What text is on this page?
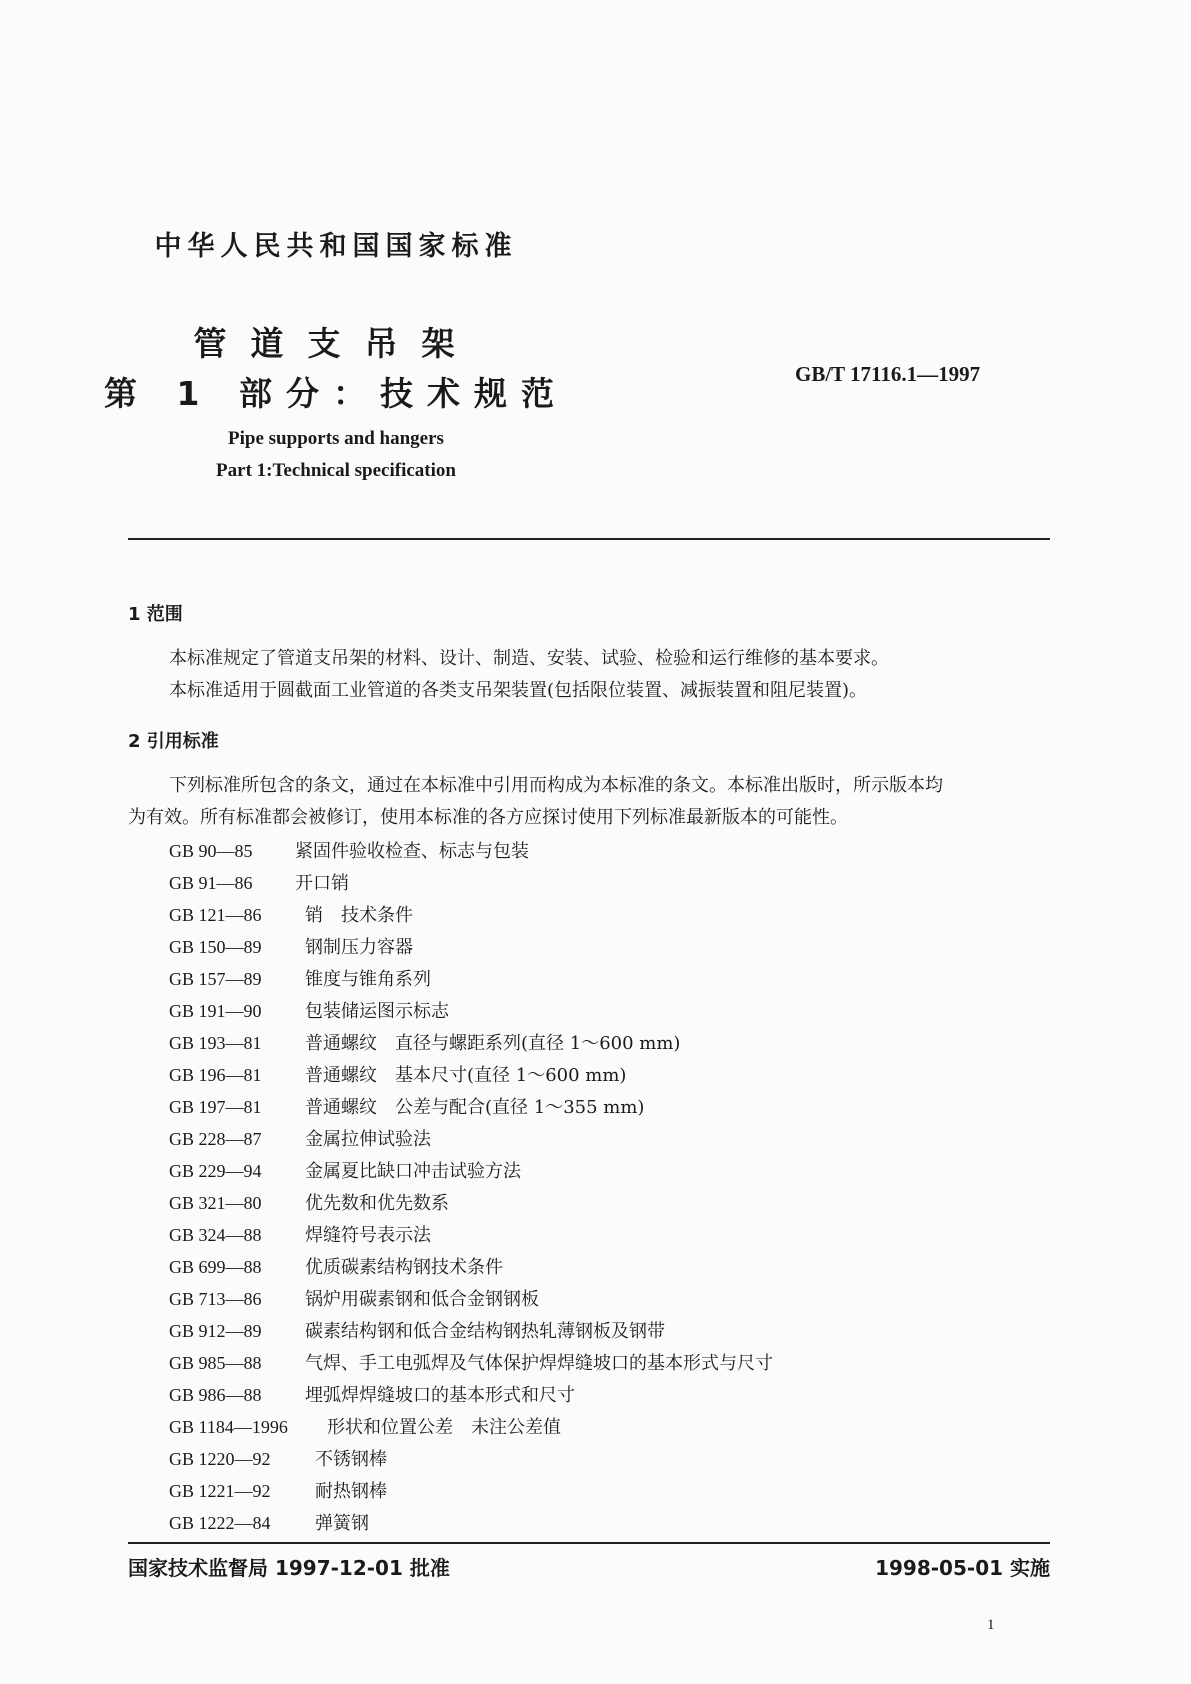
中华人民共和国国家标准
管道支吊架
第 1 部分：技术规范	GB/T 17116.1—1997
Pipe supports and hangers
Part 1:Technical specification
1 范围
本标准规定了管道支吊架的材料、设计、制造、安装、试验、检验和运行维修的基本要求。
本标准适用于圆截面工业管道的各类支吊架装置(包括限位装置、减振装置和阻尼装置)。
2 引用标准
下列标准所包含的条文，通过在本标准中引用而构成为本标准的条文。本标准出版时，所示版本均
为有效。所有标准都会被修订，使用本标准的各方应探讨使用下列标准最新版本的可能性。
GB 90—85 紧固件验收检查、标志与包装
GB 91—86 开口销
GB 121—86 销　技术条件
GB 150—89 钢制压力容器
GB 157—89 锥度与锥角系列
GB 191—90 包装储运图示标志
GB 193—81 普通螺纹　直径与螺距系列(直径 1～600 mm)
GB 196—81 普通螺纹　基本尺寸(直径 1～600 mm)
GB 197—81 普通螺纹　公差与配合(直径 1～355 mm)
GB 228—87 金属拉伸试验法
GB 229—94 金属夏比缺口冲击试验方法
GB 321—80 优先数和优先数系
GB 324—88 焊缝符号表示法
GB 699—88 优质碳素结构钢技术条件
GB 713—86 锅炉用碳素钢和低合金钢钢板
GB 912—89 碳素结构钢和低合金结构钢热轧薄钢板及钢带
GB 985—88 气焊、手工电弧焊及气体保护焊焊缝坡口的基本形式与尺寸
GB 986—88 埋弧焊焊缝坡口的基本形式和尺寸
GB 1184—1996 形状和位置公差　未注公差值
GB 1220—92 不锈钢棒
GB 1221—92 耐热钢棒
GB 1222—84 弹簧钢
国家技术监督局 1997-12-01 批准	1998-05-01 实施
1
